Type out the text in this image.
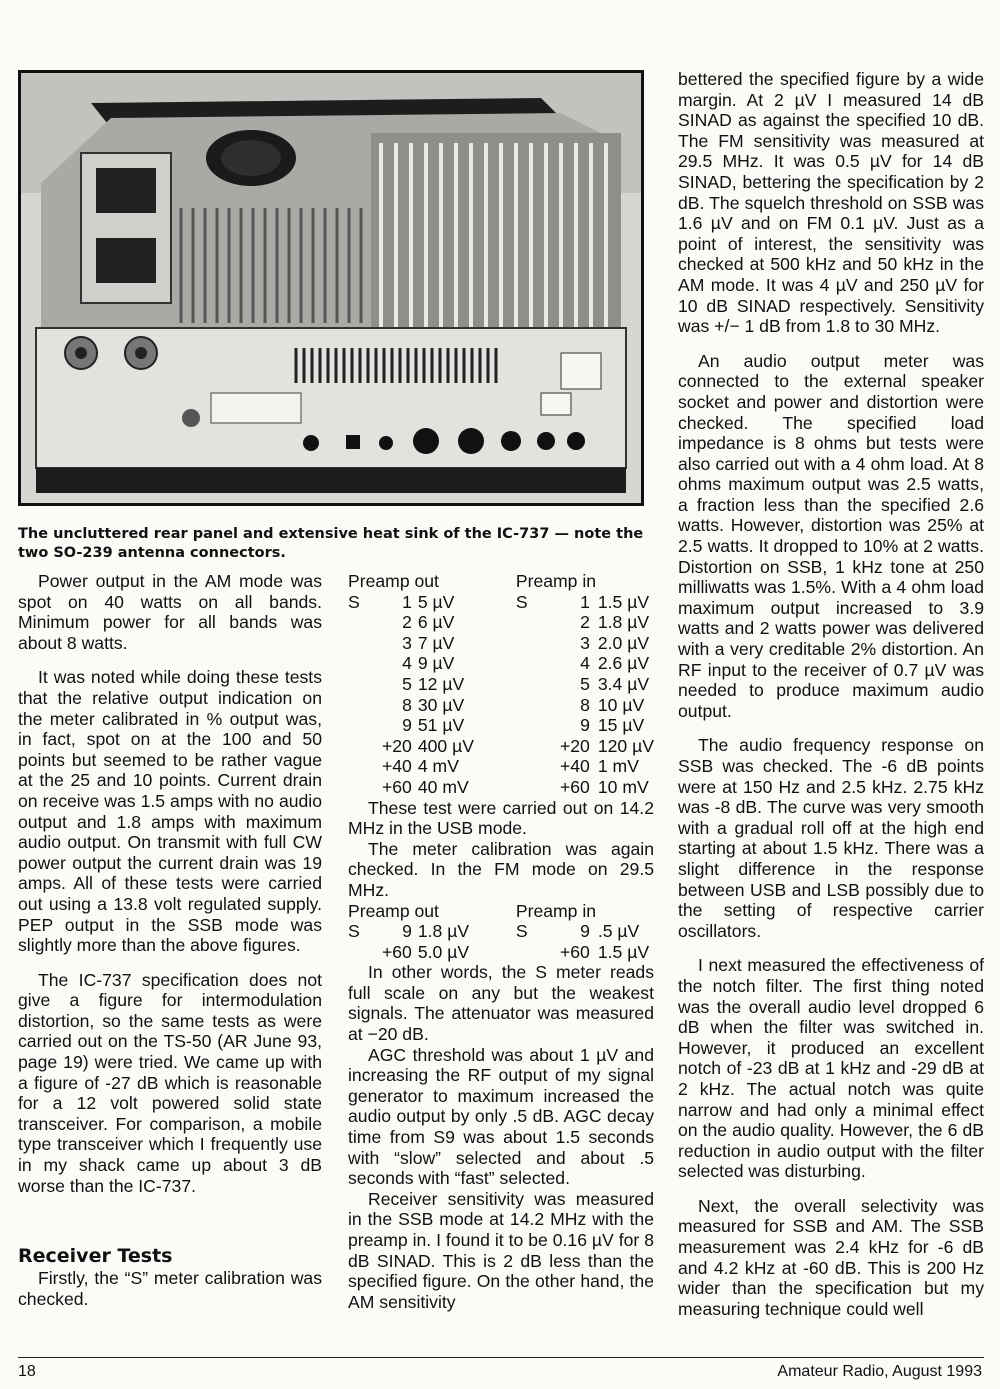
The uncluttered rear panel and extensive heat sink of the IC-737 — note the two SO-239 antenna connectors.

Power output in the AM mode was spot on 40 watts on all bands. Minimum power for all bands was about 8 watts.

It was noted while doing these tests that the relative output indication on the meter calibrated in % output was, in fact, spot on at the 100 and 50 points but seemed to be rather vague at the 25 and 10 points. Current drain on receive was 1.5 amps with no audio output and 1.8 amps with maximum audio output. On transmit with full CW power output the current drain was 19 amps. All of these tests were carried out using a 13.8 volt regulated supply. PEP output in the SSB mode was slightly more than the above figures.

The IC-737 specification does not give a figure for intermodulation distortion, so the same tests as were carried out on the TS-50 (AR June 93, page 19) were tried. We came up with a figure of -27 dB which is reasonable for a 12 volt powered solid state transceiver. For comparison, a mobile type transceiver which I frequently use in my shack came up about 3 dB worse than the IC-737.

Receiver Tests

Firstly, the “S” meter calibration was checked.

Preamp out			Preamp in		
S	1	5 µV	S	1	1.5 µV
	2	6 µV		2	1.8 µV
	3	7 µV		3	2.0 µV
	4	9 µV		4	2.6 µV
	5	12 µV		5	3.4 µV
	8	30 µV		8	10 µV
	9	51 µV		9	15 µV
	+20	400 µV		+20	120 µV
	+40	4 mV		+40	1 mV
	+60	40 mV		+60	10 mV

These test were carried out on 14.2 MHz in the USB mode.

The meter calibration was again checked. In the FM mode on 29.5 MHz.

Preamp out			Preamp in		
S	9	1.8 µV	S	9	.5 µV
	+60	5.0 µV		+60	1.5 µV

In other words, the S meter reads full scale on any but the weakest signals. The attenuator was measured at −20 dB.

AGC threshold was about 1 µV and increasing the RF output of my signal generator to maximum increased the audio output by only .5 dB. AGC decay time from S9 was about 1.5 seconds with “slow” selected and about .5 seconds with “fast” selected.

Receiver sensitivity was measured in the SSB mode at 14.2 MHz with the preamp in. I found it to be 0.16 µV for 8 dB SINAD. This is 2 dB less than the specified figure. On the other hand, the AM sensitivity

bettered the specified figure by a wide margin. At 2 µV I measured 14 dB SINAD as against the specified 10 dB. The FM sensitivity was measured at 29.5 MHz. It was 0.5 µV for 14 dB SINAD, bettering the specification by 2 dB. The squelch threshold on SSB was 1.6 µV and on FM 0.1 µV. Just as a point of interest, the sensitivity was checked at 500 kHz and 50 kHz in the AM mode. It was 4 µV and 250 µV for 10 dB SINAD respectively. Sensitivity was +/− 1 dB from 1.8 to 30 MHz.

An audio output meter was connected to the external speaker socket and power and distortion were checked. The specified load impedance is 8 ohms but tests were also carried out with a 4 ohm load. At 8 ohms maximum output was 2.5 watts, a fraction less than the specified 2.6 watts. However, distortion was 25% at 2.5 watts. It dropped to 10% at 2 watts. Distortion on SSB, 1 kHz tone at 250 milliwatts was 1.5%. With a 4 ohm load maximum output increased to 3.9 watts and 2 watts power was delivered with a very creditable 2% distortion. An RF input to the receiver of 0.7 µV was needed to produce maximum audio output.

The audio frequency response on SSB was checked. The -6 dB points were at 150 Hz and 2.5 kHz. 2.75 kHz was -8 dB. The curve was very smooth with a gradual roll off at the high end starting at about 1.5 kHz. There was a slight difference in the response between USB and LSB possibly due to the setting of respective carrier oscillators.

I next measured the effectiveness of the notch filter. The first thing noted was the overall audio level dropped 6 dB when the filter was switched in. However, it produced an excellent notch of -23 dB at 1 kHz and -29 dB at 2 kHz. The actual notch was quite narrow and had only a minimal effect on the audio quality. However, the 6 dB reduction in audio output with the filter selected was disturbing.

Next, the overall selectivity was measured for SSB and AM. The SSB measurement was 2.4 kHz for -6 dB and 4.2 kHz at -60 dB. This is 200 Hz wider than the specification but my measuring technique could well

18	Amateur Radio, August 1993
